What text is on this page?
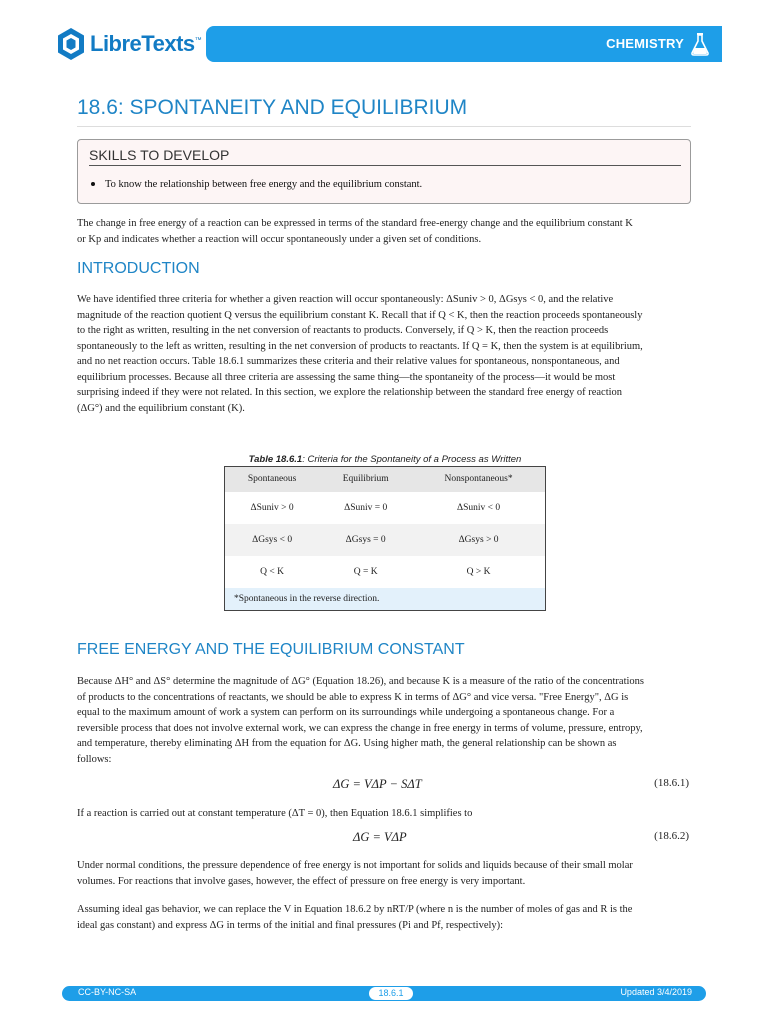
LibreTexts ™	CHEMISTRY
18.6: SPONTANEITY AND EQUILIBRIUM
SKILLS TO DEVELOP
To know the relationship between free energy and the equilibrium constant.
The change in free energy of a reaction can be expressed in terms of the standard free-energy change and the equilibrium constant K
or Kp and indicates whether a reaction will occur spontaneously under a given set of conditions.
INTRODUCTION
We have identified three criteria for whether a given reaction will occur spontaneously: ΔSuniv > 0, ΔGsys < 0, and the relative
magnitude of the reaction quotient Q versus the equilibrium constant K. Recall that if Q < K, then the reaction proceeds spontaneously
to the right as written, resulting in the net conversion of reactants to products. Conversely, if Q > K, then the reaction proceeds
spontaneously to the left as written, resulting in the net conversion of products to reactants. If Q = K, then the system is at equilibrium,
and no net reaction occurs. Table 18.6.1 summarizes these criteria and their relative values for spontaneous, nonspontaneous, and
equilibrium processes. Because all three criteria are assessing the same thing—the spontaneity of the process—it would be most
surprising indeed if they were not related. In this section, we explore the relationship between the standard free energy of reaction
(ΔG°) and the equilibrium constant (K).
Table 18.6.1: Criteria for the Spontaneity of a Process as Written
Spontaneous	Equilibrium	Nonspontaneous*
ΔSuniv > 0	ΔSuniv = 0	ΔSuniv < 0
ΔGsys < 0	ΔGsys = 0	ΔGsys > 0
Q < K	Q = K	Q > K
*Spontaneous in the reverse direction.		
FREE ENERGY AND THE EQUILIBRIUM CONSTANT
Because ΔH° and ΔS° determine the magnitude of ΔG° (Equation 18.26), and because K is a measure of the ratio of the concentrations
of products to the concentrations of reactants, we should be able to express K in terms of ΔG° and vice versa. "Free Energy", ΔG is
equal to the maximum amount of work a system can perform on its surroundings while undergoing a spontaneous change. For a
reversible process that does not involve external work, we can express the change in free energy in terms of volume, pressure, entropy,
and temperature, thereby eliminating ΔH from the equation for ΔG. Using higher math, the general relationship can be shown as
follows:
ΔG = VΔP − SΔT	(18.6.1)
If a reaction is carried out at constant temperature (ΔT = 0), then Equation 18.6.1 simplifies to
ΔG = VΔP	(18.6.2)
Under normal conditions, the pressure dependence of free energy is not important for solids and liquids because of their small molar
volumes. For reactions that involve gases, however, the effect of pressure on free energy is very important.
Assuming ideal gas behavior, we can replace the V in Equation 18.6.2 by nRT/P (where n is the number of moles of gas and R is the
ideal gas constant) and express ΔG in terms of the initial and final pressures (Pi and Pf, respectively):
CC-BY-NC-SA	18.6.1	Updated 3/4/2019
